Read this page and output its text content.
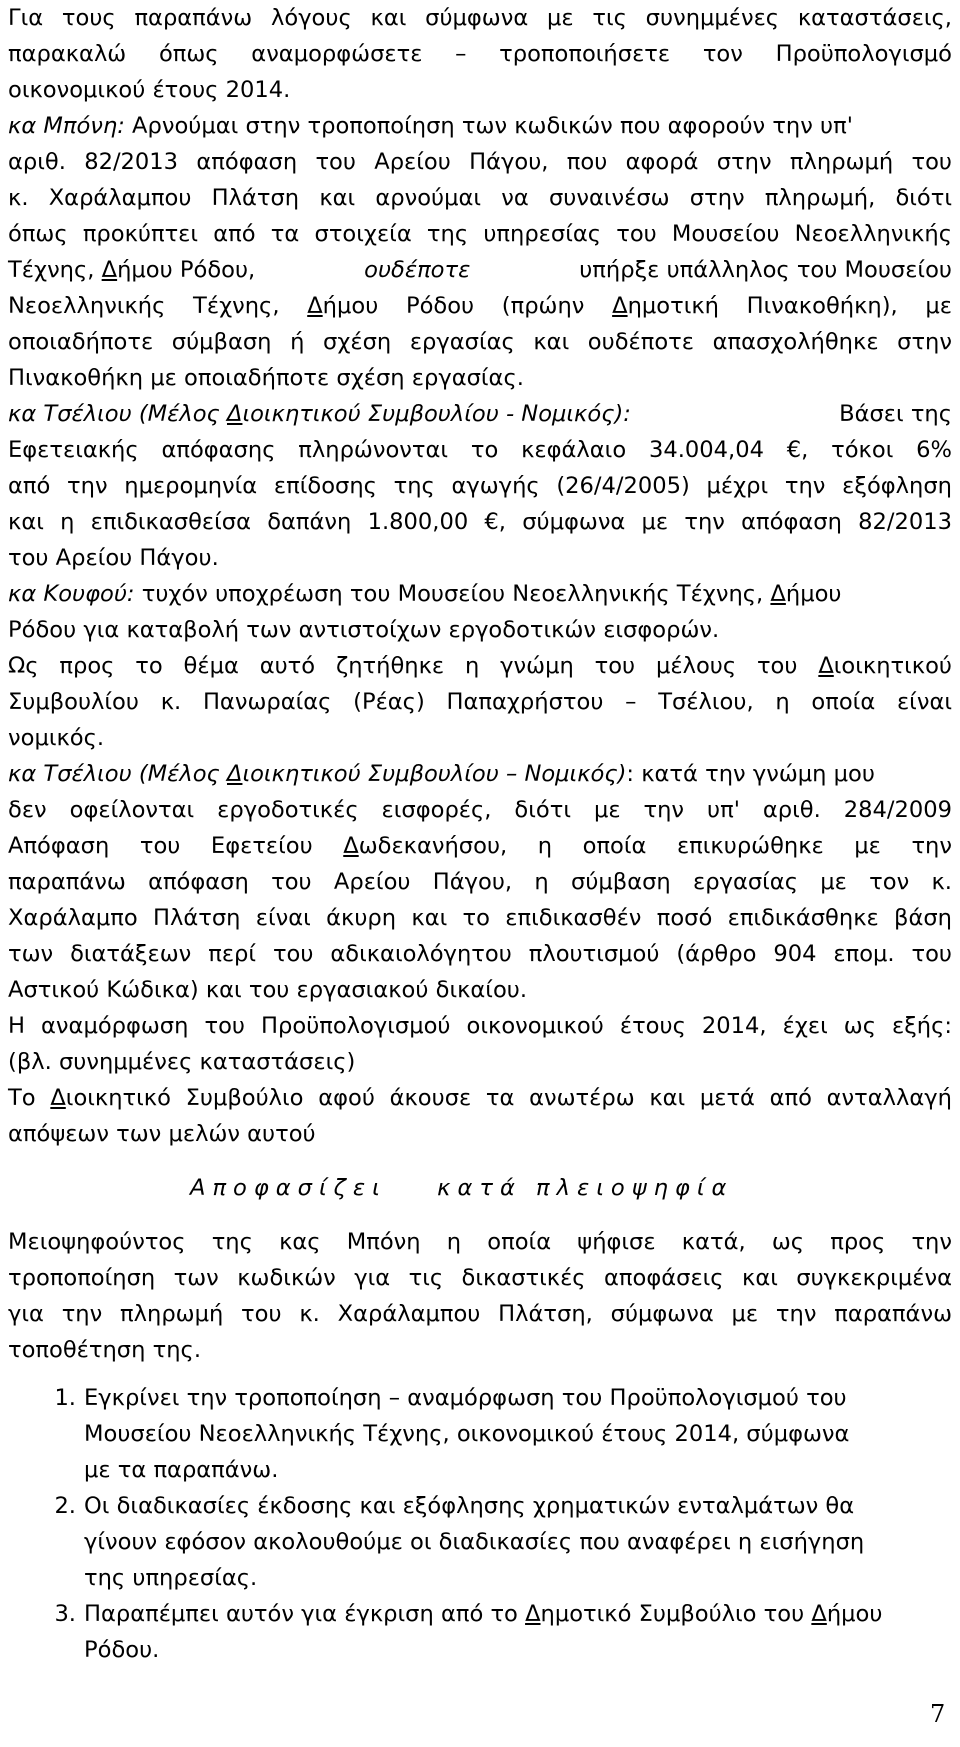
Για τους παραπάνω λόγους και σύμφωνα με τις συνημμένες καταστάσεις,
παρακαλώ όπως αναμορφώσετε – τροποποιήσετε τον Προϋπολογισμό
οικονομικού έτους 2014.
κα Μπόνη: Αρνούμαι στην τροποποίηση των κωδικών που αφορούν την υπ'
αριθ. 82/2013 απόφαση του Αρείου Πάγου, που αφορά στην πληρωμή του
κ. Χαράλαμπου Πλάτση και αρνούμαι να συναινέσω στην πληρωμή, διότι
όπως προκύπτει από τα στοιχεία της υπηρεσίας του Μουσείου Νεοελληνικής
Τέχνης, Δήμου Ρόδου,	ουδέποτε	υπήρξε υπάλληλος του Μουσείου
Νεοελληνικής Τέχνης, Δήμου Ρόδου (πρώην Δημοτική Πινακοθήκη), με
οποιαδήποτε σύμβαση ή σχέση εργασίας και ουδέποτε απασχολήθηκε στην
Πινακοθήκη με οποιαδήποτε σχέση εργασίας.
κα Τσέλιου (Μέλος Διοικητικού Συμβουλίου - Νομικός):	Βάσει της
Εφετειακής απόφασης πληρώνονται το κεφάλαιο 34.004,04 €, τόκοι 6%
από την ημερομηνία επίδοσης της αγωγής (26/4/2005) μέχρι την εξόφληση
και η επιδικασθείσα δαπάνη 1.800,00 €, σύμφωνα με την απόφαση 82/2013
του Αρείου Πάγου.
κα Κουφού: τυχόν υποχρέωση του Μουσείου Νεοελληνικής Τέχνης, Δήμου
Ρόδου για καταβολή των αντιστοίχων εργοδοτικών εισφορών.
Ως προς το θέμα αυτό ζητήθηκε η γνώμη του μέλους του Διοικητικού
Συμβουλίου κ. Πανωραίας (Ρέας) Παπαχρήστου – Τσέλιου, η οποία είναι
νομικός.
κα Τσέλιου (Μέλος Διοικητικού Συμβουλίου – Νομικός): κατά την γνώμη μου
δεν οφείλονται εργοδοτικές εισφορές, διότι με την υπ' αριθ. 284/2009
Απόφαση του Εφετείου Δωδεκανήσου, η οποία επικυρώθηκε με την
παραπάνω απόφαση του Αρείου Πάγου, η σύμβαση εργασίας με τον κ.
Χαράλαμπο Πλάτση είναι άκυρη και το επιδικασθέν ποσό επιδικάσθηκε βάση
των διατάξεων περί του αδικαιολόγητου πλουτισμού (άρθρο 904 επομ. του
Αστικού Κώδικα) και του εργασιακού δικαίου.
Η αναμόρφωση του Προϋπολογισμού οικονομικού έτους 2014, έχει ως εξής:
(βλ. συνημμένες καταστάσεις)
Το Διοικητικό Συμβούλιο αφού άκουσε τα ανωτέρω και μετά από ανταλλαγή
απόψεων των μελών αυτού
Αποφασίζει κατά πλειοψηφία
Μειοψηφούντος της κας Μπόνη η οποία ψήφισε κατά, ως προς την
τροποποίηση των κωδικών για τις δικαστικές αποφάσεις και συγκεκριμένα
για την πληρωμή του κ. Χαράλαμπου Πλάτση, σύμφωνα με την παραπάνω
τοποθέτηση της.
1. Εγκρίνει την τροποποίηση – αναμόρφωση του Προϋπολογισμού του
Μουσείου Νεοελληνικής Τέχνης, οικονομικού έτους 2014, σύμφωνα
με τα παραπάνω.
2. Οι διαδικασίες έκδοσης και εξόφλησης χρηματικών ενταλμάτων θα
γίνουν εφόσον ακολουθούμε οι διαδικασίες που αναφέρει η εισήγηση
της υπηρεσίας.
3. Παραπέμπει αυτόν για έγκριση από το Δημοτικό Συμβούλιο του Δήμου
Ρόδου.
7
